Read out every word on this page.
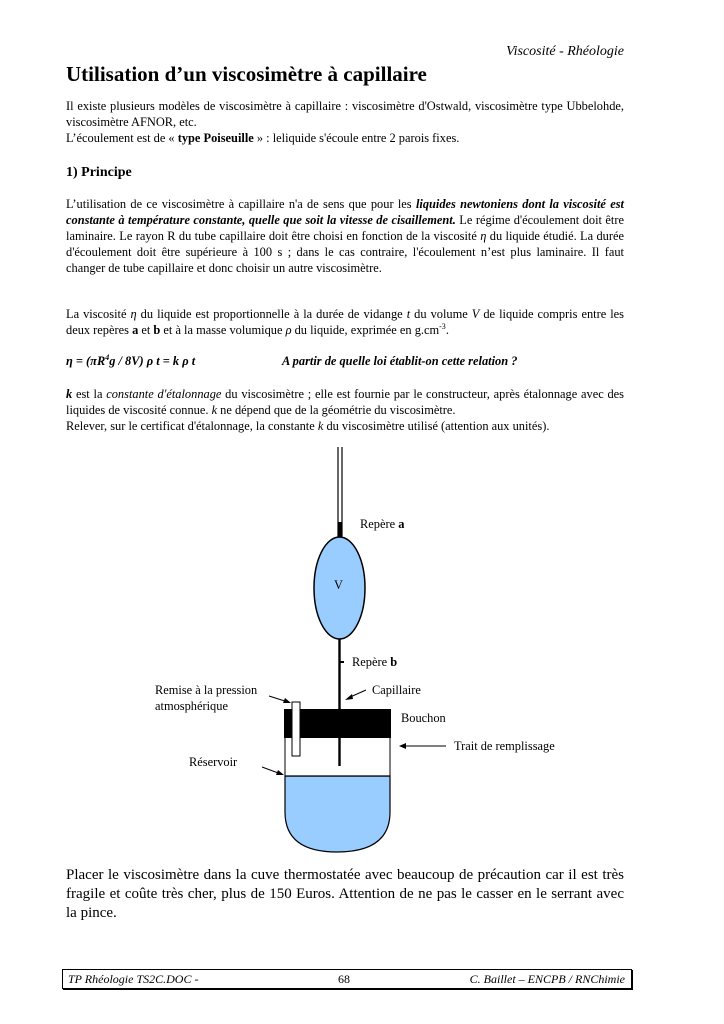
Viscosité - Rhéologie
Utilisation d’un viscosimètre à capillaire

Il existe plusieurs modèles de viscosimètre à capillaire : viscosimètre d'Ostwald, viscosimètre type Ubbelohde, viscosimètre AFNOR, etc.

L’écoulement est de « type Poiseuille » : leliquide s'écoule entre 2 parois fixes.

1) Principe

L’utilisation de ce viscosimètre à capillaire n'a de sens que pour les liquides newtoniens dont la viscosité est constante à température constante, quelle que soit la vitesse de cisaillement. Le régime d'écoulement doit être laminaire. Le rayon R du tube capillaire doit être choisi en fonction de la viscosité η du liquide étudié. La durée d'écoulement doit être supérieure à 100 s ; dans le cas contraire, l'écoulement n’est plus laminaire. Il faut changer de tube capillaire et donc choisir un autre viscosimètre.

La viscosité η du liquide est proportionnelle à la durée de vidange t du volume V de liquide compris entre les deux repères a et b et à la masse volumique ρ du liquide, exprimée en $g.cm^{-3}$.

$\eta = (\pi R^4g / 8V)$ ρ t = k ρ t	A partir de quelle loi établit-on cette relation ?

k est la constante d'étalonnage du viscosimètre ; elle est fournie par le constructeur, après étalonnage avec des liquides de viscosité connue. k ne dépend que de la géométrie du viscosimètre.

Relever, sur le certificat d'étalonnage, la constante k du viscosimètre utilisé (attention aux unités).

V
Repère a
Repère b
Capillaire
Remise à la pression
atmosphérique
Bouchon
Trait de remplissage
Réservoir
Placer le viscosimètre dans la cuve thermostatée avec beaucoup de précaution car il est très fragile et coûte très cher, plus de 150 Euros. Attention de ne pas le casser en le serrant avec la pince.
TP Rhéologie TS2C.DOC -	68	C. Baillet – ENCPB / RNChimie
